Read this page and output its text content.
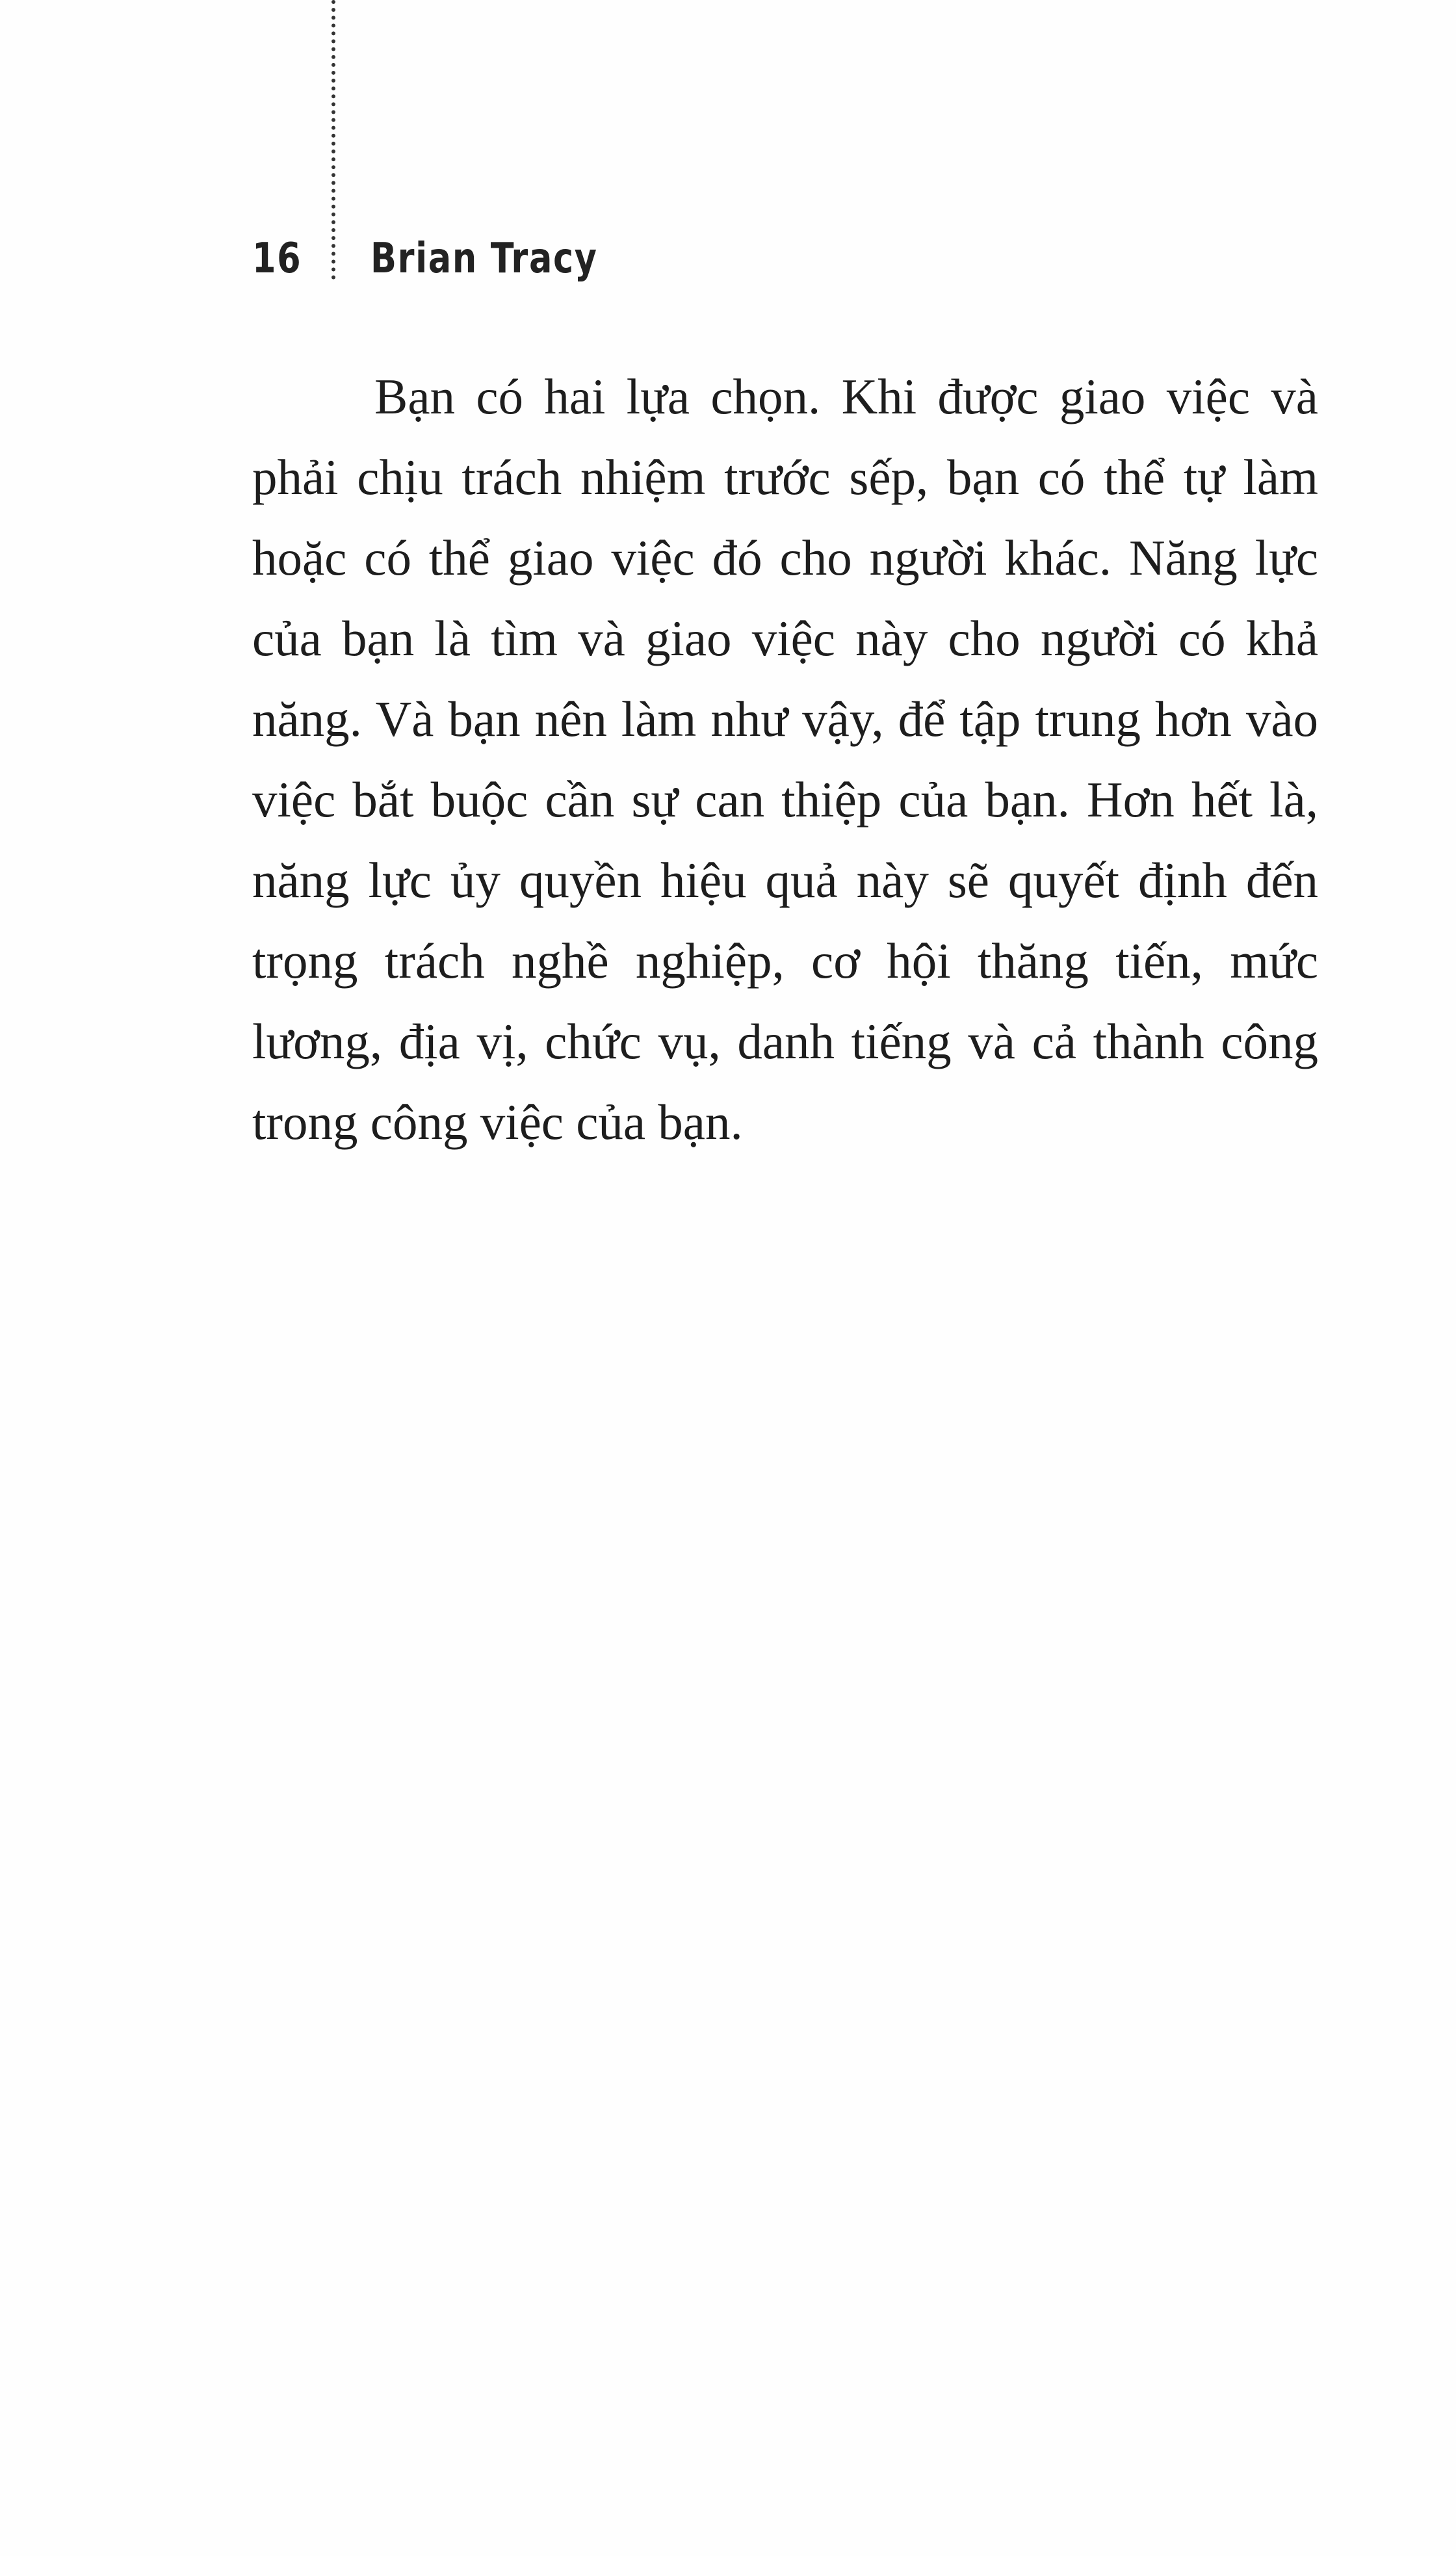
16 Brian Tracy

Bạn có hai lựa chọn. Khi được giao việc và phải chịu trách nhiệm trước sếp, bạn có thể tự làm hoặc có thể giao việc đó cho người khác. Năng lực của bạn là tìm và giao việc này cho người có khả năng. Và bạn nên làm như vậy, để tập trung hơn vào việc bắt buộc cần sự can thiệp của bạn. Hơn hết là, năng lực ủy quyền hiệu quả này sẽ quyết định đến trọng trách nghề nghiệp, cơ hội thăng tiến, mức lương, địa vị, chức vụ, danh tiếng và cả thành công trong công việc của bạn.
